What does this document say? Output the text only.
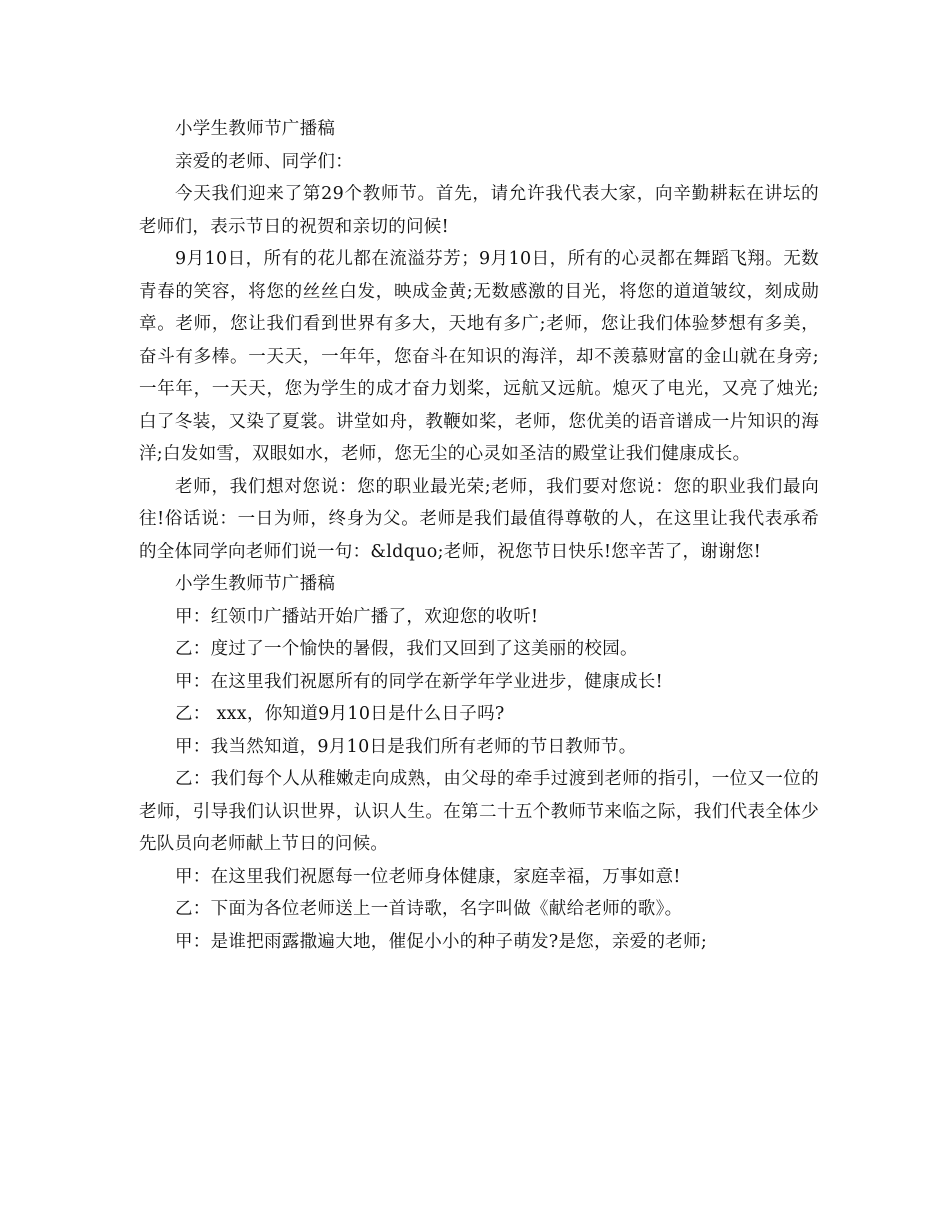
小学生教师节广播稿

亲爱的老师、同学们：

今天我们迎来了第29个教师节。首先，请允许我代表大家，向辛勤耕耘在讲坛的老师们，表示节日的祝贺和亲切的问候!

9月10日，所有的花儿都在流溢芬芳；9月10日，所有的心灵都在舞蹈飞翔。无数青春的笑容，将您的丝丝白发，映成金黄;无数感激的目光，将您的道道皱纹，刻成勋章。老师，您让我们看到世界有多大，天地有多广;老师，您让我们体验梦想有多美，奋斗有多棒。一天天，一年年，您奋斗在知识的海洋，却不羡慕财富的金山就在身旁;一年年，一天天，您为学生的成才奋力划桨，远航又远航。熄灭了电光，又亮了烛光;白了冬装，又染了夏裳。讲堂如舟，教鞭如桨，老师，您优美的语音谱成一片知识的海洋;白发如雪，双眼如水，老师，您无尘的心灵如圣洁的殿堂让我们健康成长。

老师，我们想对您说：您的职业最光荣;老师，我们要对您说：您的职业我们最向往!俗话说：一日为师，终身为父。老师是我们最值得尊敬的人，在这里让我代表承希的全体同学向老师们说一句：&ldquo;老师，祝您节日快乐!您辛苦了，谢谢您!

小学生教师节广播稿

甲：红领巾广播站开始广播了，欢迎您的收听!

乙：度过了一个愉快的暑假，我们又回到了这美丽的校园。

甲：在这里我们祝愿所有的同学在新学年学业进步，健康成长!

乙： xxx，你知道9月10日是什么日子吗?

甲：我当然知道，9月10日是我们所有老师的节日教师节。

乙：我们每个人从稚嫩走向成熟，由父母的牵手过渡到老师的指引，一位又一位的老师，引导我们认识世界，认识人生。在第二十五个教师节来临之际，我们代表全体少先队员向老师献上节日的问候。

甲：在这里我们祝愿每一位老师身体健康，家庭幸福，万事如意!

乙：下面为各位老师送上一首诗歌，名字叫做《献给老师的歌》。

甲：是谁把雨露撒遍大地，催促小小的种子萌发?是您，亲爱的老师;
